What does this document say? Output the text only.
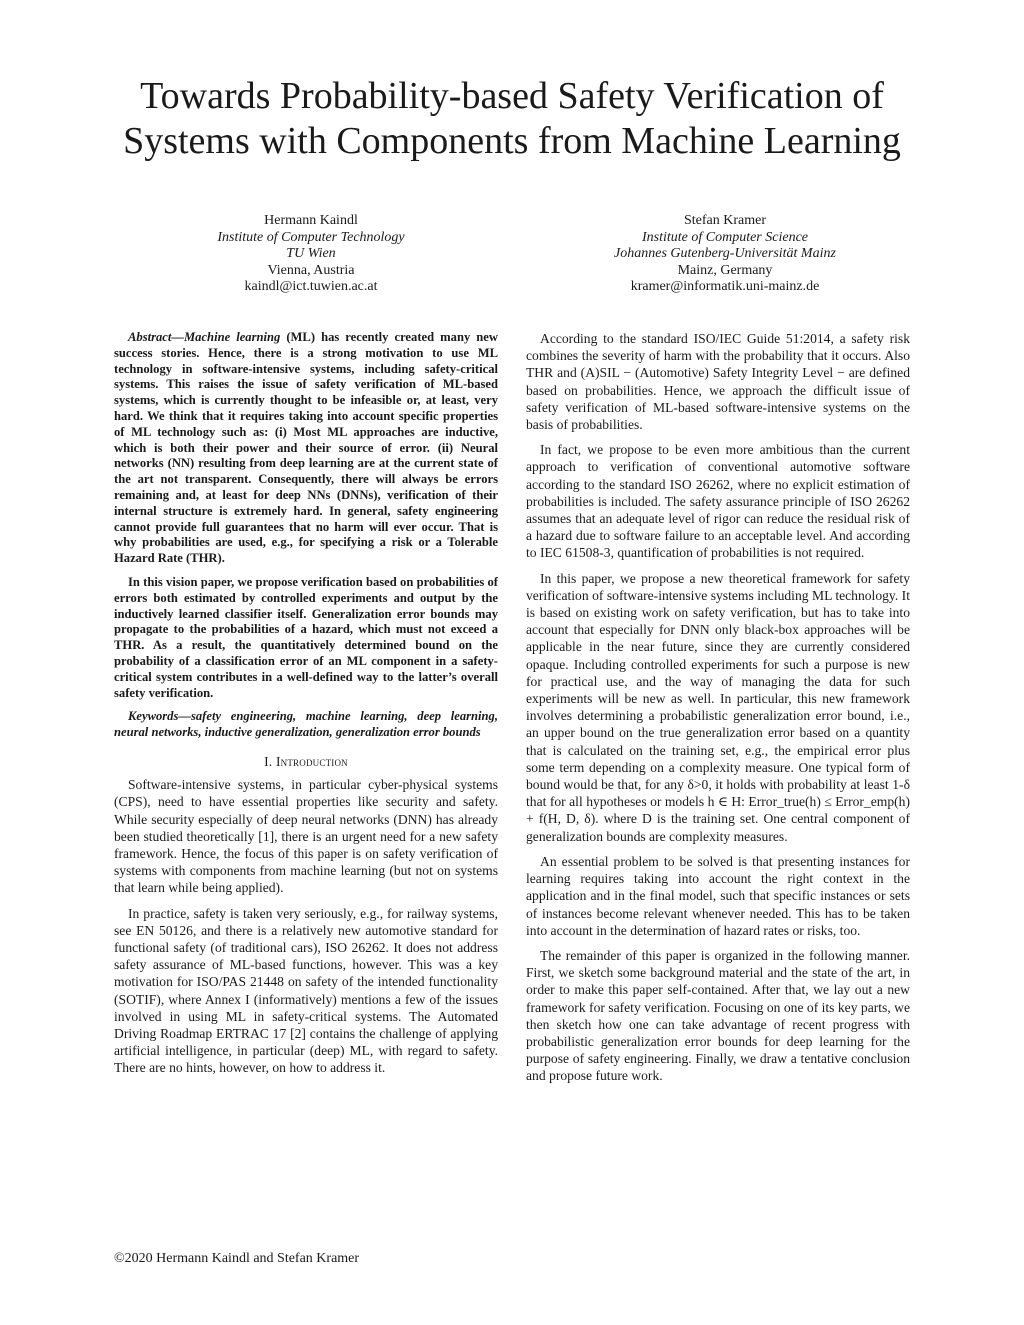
Towards Probability-based Safety Verification of
Systems with Components from Machine Learning
Hermann Kaindl
Institute of Computer Technology
TU Wien
Vienna, Austria
kaindl@ict.tuwien.ac.at
Stefan Kramer
Institute of Computer Science
Johannes Gutenberg-Universität Mainz
Mainz, Germany
kramer@informatik.uni-mainz.de

Abstract—Machine learning (ML) has recently created many new success stories. Hence, there is a strong motivation to use ML technology in software-intensive systems, including safety-critical systems. This raises the issue of safety verification of ML-based systems, which is currently thought to be infeasible or, at least, very hard. We think that it requires taking into account specific properties of ML technology such as: (i) Most ML approaches are inductive, which is both their power and their source of error. (ii) Neural networks (NN) resulting from deep learning are at the current state of the art not transparent. Consequently, there will always be errors remaining and, at least for deep NNs (DNNs), verification of their internal structure is extremely hard. In general, safety engineering cannot provide full guarantees that no harm will ever occur. That is why probabilities are used, e.g., for specifying a risk or a Tolerable Hazard Rate (THR).

In this vision paper, we propose verification based on probabilities of errors both estimated by controlled experiments and output by the inductively learned classifier itself. Generalization error bounds may propagate to the probabilities of a hazard, which must not exceed a THR. As a result, the quantitatively determined bound on the probability of a classification error of an ML component in a safety-critical system contributes in a well-defined way to the latter’s overall safety verification.

Keywords—safety engineering, machine learning, deep learning, neural networks, inductive generalization, generalization error bounds

I. Introduction

Software-intensive systems, in particular cyber-physical systems (CPS), need to have essential properties like security and safety. While security especially of deep neural networks (DNN) has already been studied theoretically [1], there is an urgent need for a new safety framework. Hence, the focus of this paper is on safety verification of systems with components from machine learning (but not on systems that learn while being applied).

In practice, safety is taken very seriously, e.g., for railway systems, see EN 50126, and there is a relatively new automotive standard for functional safety (of traditional cars), ISO 26262. It does not address safety assurance of ML-based functions, however. This was a key motivation for ISO/PAS 21448 on safety of the intended functionality (SOTIF), where Annex I (informatively) mentions a few of the issues involved in using ML in safety-critical systems. The Automated Driving Roadmap ERTRAC 17 [2] contains the challenge of applying artificial intelligence, in particular (deep) ML, with regard to safety. There are no hints, however, on how to address it.

According to the standard ISO/IEC Guide 51:2014, a safety risk combines the severity of harm with the probability that it occurs. Also THR and (A)SIL − (Automotive) Safety Integrity Level − are defined based on probabilities. Hence, we approach the difficult issue of safety verification of ML-based software-intensive systems on the basis of probabilities.

In fact, we propose to be even more ambitious than the current approach to verification of conventional automotive software according to the standard ISO 26262, where no explicit estimation of probabilities is included. The safety assurance principle of ISO 26262 assumes that an adequate level of rigor can reduce the residual risk of a hazard due to software failure to an acceptable level. And according to IEC 61508-3, quantification of probabilities is not required.

In this paper, we propose a new theoretical framework for safety verification of software-intensive systems including ML technology. It is based on existing work on safety verification, but has to take into account that especially for DNN only black-box approaches will be applicable in the near future, since they are currently considered opaque. Including controlled experiments for such a purpose is new for practical use, and the way of managing the data for such experiments will be new as well. In particular, this new framework involves determining a probabilistic generalization error bound, i.e., an upper bound on the true generalization error based on a quantity that is calculated on the training set, e.g., the empirical error plus some term depending on a complexity measure. One typical form of bound would be that, for any δ>0, it holds with probability at least 1-δ that for all hypotheses or models h ∈ H: Error_true(h) ≤ Error_emp(h) + f(H, D, δ). where D is the training set. One central component of generalization bounds are complexity measures.

An essential problem to be solved is that presenting instances for learning requires taking into account the right context in the application and in the final model, such that specific instances or sets of instances become relevant whenever needed. This has to be taken into account in the determination of hazard rates or risks, too.

The remainder of this paper is organized in the following manner. First, we sketch some background material and the state of the art, in order to make this paper self-contained. After that, we lay out a new framework for safety verification. Focusing on one of its key parts, we then sketch how one can take advantage of recent progress with probabilistic generalization error bounds for deep learning for the purpose of safety engineering. Finally, we draw a tentative conclusion and propose future work.

©2020 Hermann Kaindl and Stefan Kramer
